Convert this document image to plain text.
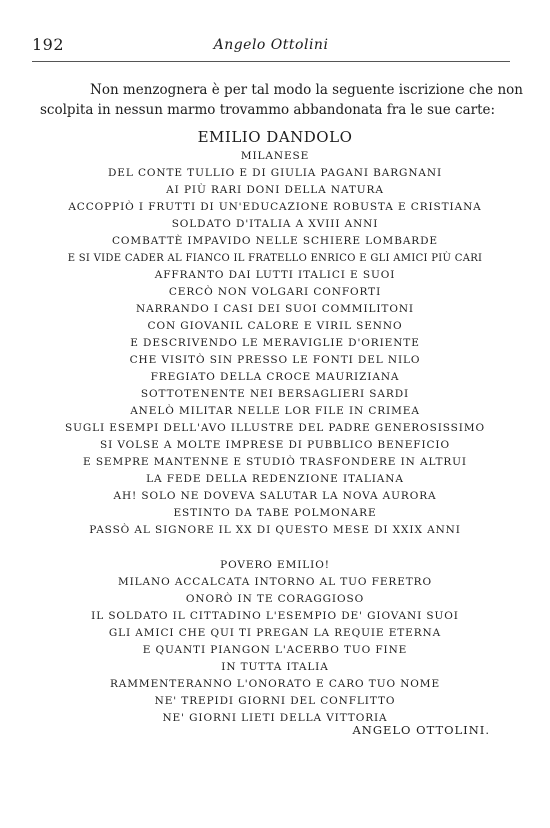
192	Angelo Ottolini
Non menzognera è per tal modo la seguente iscrizione che non
scolpita in nessun marmo trovammo abbandonata fra le sue carte:
EMILIO DANDOLO
MILANESE
DEL CONTE TULLIO E DI GIULIA PAGANI BARGNANI
AI PIÙ RARI DONI DELLA NATURA
ACCOPPIÒ I FRUTTI DI UN'EDUCAZIONE ROBUSTA E CRISTIANA
SOLDATO D'ITALIA A XVIII ANNI
COMBATTÈ IMPAVIDO NELLE SCHIERE LOMBARDE
E SI VIDE CADER AL FIANCO IL FRATELLO ENRICO E GLI AMICI PIÙ CARI
AFFRANTO DAI LUTTI ITALICI E SUOI
CERCÒ NON VOLGARI CONFORTI
NARRANDO I CASI DEI SUOI COMMILITONI
CON GIOVANIL CALORE E VIRIL SENNO
E DESCRIVENDO LE MERAVIGLIE D'ORIENTE
CHE VISITÒ SIN PRESSO LE FONTI DEL NILO
FREGIATO DELLA CROCE MAURIZIANA
SOTTOTENENTE NEI BERSAGLIERI SARDI
ANELÒ MILITAR NELLE LOR FILE IN CRIMEA
SUGLI ESEMPI DELL'AVO ILLUSTRE DEL PADRE GENEROSISSIMO
SI VOLSE A MOLTE IMPRESE DI PUBBLICO BENEFICIO
E SEMPRE MANTENNE E STUDIÒ TRASFONDERE IN ALTRUI
LA FEDE DELLA REDENZIONE ITALIANA
AH! SOLO NE DOVEVA SALUTAR LA NOVA AURORA
ESTINTO DA TABE POLMONARE
PASSÒ AL SIGNORE IL XX DI QUESTO MESE DI XXIX ANNI
POVERO EMILIO!
MILANO ACCALCATA INTORNO AL TUO FERETRO
ONORÒ IN TE CORAGGIOSO
IL SOLDATO IL CITTADINO L'ESEMPIO DE' GIOVANI SUOI
GLI AMICI CHE QUI TI PREGAN LA REQUIE ETERNA
E QUANTI PIANGON L'ACERBO TUO FINE
IN TUTTA ITALIA
RAMMENTERANNO L'ONORATO E CARO TUO NOME
NE' TREPIDI GIORNI DEL CONFLITTO
NE' GIORNI LIETI DELLA VITTORIA
ANGELO OTTOLINI.
